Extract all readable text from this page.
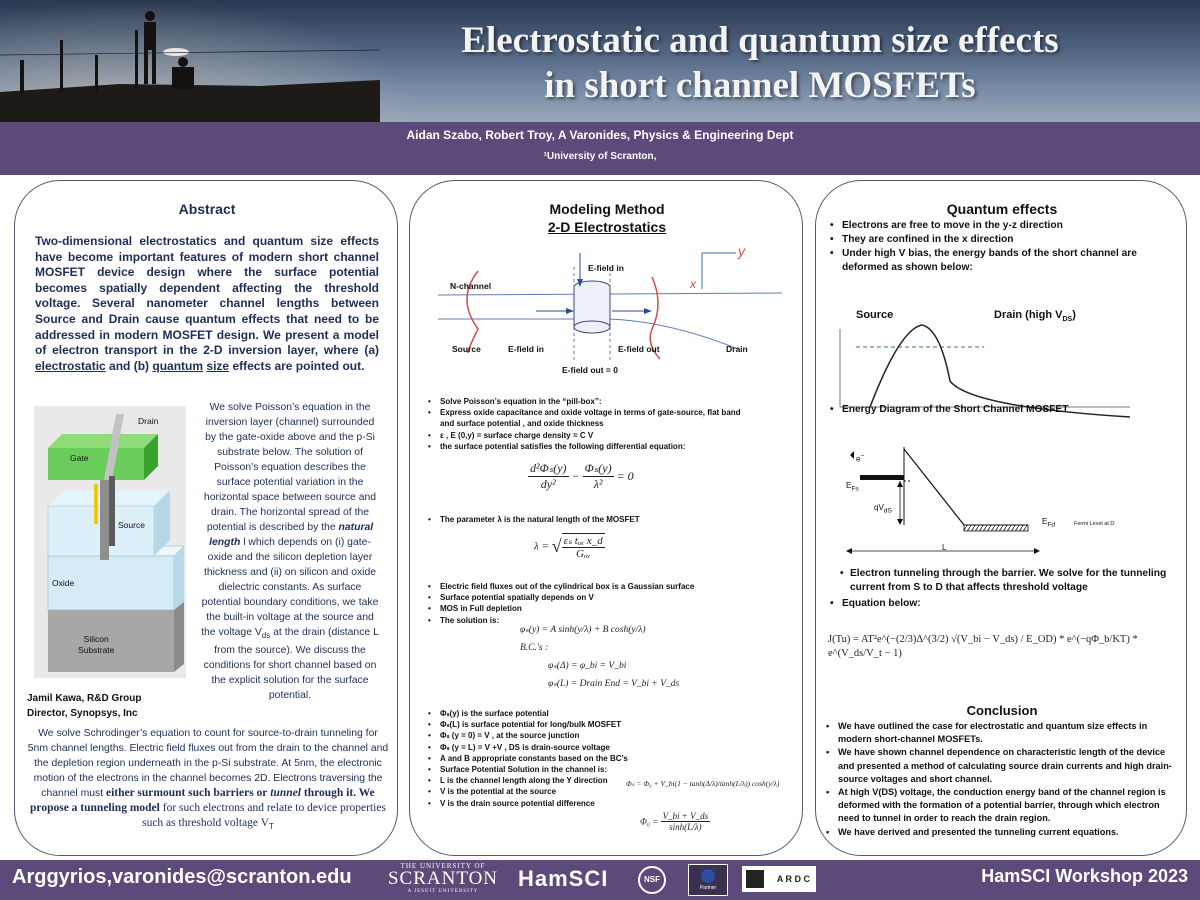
Electrostatic and quantum size effects
in short channel MOSFETs
Aidan Szabo, Robert Troy, A Varonides, Physics & Engineering Dept
¹University of Scranton,
Abstract
Two-dimensional electrostatics and quantum size effects have become important features of modern short channel MOSFET device design where the surface potential becomes spatially dependent affecting the threshold voltage. Several nanometer channel lengths between Source and Drain cause quantum effects that need to be addressed in modern MOSFET design. We present a model of electron transport in the 2-D inversion layer, where (a) electrostatic and (b) quantum size effects are pointed out.
Drain
Gate
Source
Oxide
Silicon
Substrate
We solve Poisson’s equation in the inversion layer (channel) surrounded by the gate-oxide above and the p-Si substrate below. The solution of Poisson’s equation describes the surface potential variation in the horizontal space between source and drain. The horizontal spread of the potential is described by the natural length l which depends on (i) gate-oxide and the silicon depletion layer thickness and (ii) on silicon and oxide dielectric constants. As surface potential boundary conditions, we take the built-in voltage at the source and the voltage $V_{ds}$ at the drain (distance L from the source). We discuss the conditions for short channel based on the explicit solution for the surface potential.
Jamil Kawa, R&D Group
Director, Synopsys, Inc
We solve Schrodinger’s equation to count for source-to-drain tunneling for 5nm channel lengths. Electric field fluxes out from the drain to the channel and the depletion region underneath in the p-Si substrate. At 5nm, the electronic motion of the electrons in the channel becomes 2D. Electrons traversing the channel must either surmount such barriers or tunnel through it. We propose a tunneling model for such electrons and relate to device properties such as threshold voltage $V_T$
Modeling Method
2-D Electrostatics
E-field in
N-channel
Source	E-field in	E-field out	Drain
E-field out = 0
y
x
• Solve Poisson’s equation in the “pill-box”:
• Express oxide capacitance and oxide voltage in terms of gate-source, flat band and surface potential , and oxide thickness
• ε , E (0,y) = surface charge density = C V
• the surface potential satisfies the following differential equation:
$\frac{\text{d²Φₛ(y)}}{\text{dy²}} - \frac{\text{Φₛ(y)}}{\text{λ²}} = 0$
• The parameter λ is the natural length of the MOSFET
λ = √ $\frac{\text{εₛ tₒₓ x\_d}}{\text{Gₒₓ}}$
• Electric field fluxes out of the cylindrical box is a Gaussian surface
• Surface potential spatially depends on V
• MOS in Full depletion
• The solution is:
φₛ(y) = A sinh(y/λ) + B cosh(y/λ)
B.C.'s :
φₛ(Δ) = φ_bi = V_bi
φₛ(L) = Drain End = V_bi + V_ds
• Φₛ(y) is the surface potential
• Φₛ(L) is surface potential for long/bulk MOSFET
• Φₛ (y = 0) = V , at the source junction
• Φₛ (y = L) = V +V , DS is drain-source voltage
• A and B appropriate constants based on the BC’s
• Surface Potential Solution in the channel is:
• L is the channel length along the Y direction
• V is the potential at the source
• V is the drain source potential difference
Φₛ = Φ₀ + V_bi(1 − tanh(Δ/λ)/tanh(L/λ)) cosh(y/λ)
$\Phi_0 = \frac{V\_bi + V\_ds}{\sinh(L/\lambda)}$
Quantum effects
• Electrons are free to move in the y-z direction
• They are confined in the x direction
• Under high V bias, the energy bands of the short channel are deformed as shown below:
Source	Drain (high $V_{DS}$)
• Energy Diagram of the Short Channel MOSFET
e−
$E_{Fs}$
$qV_{dS}$
$E_{Fd}$	Fermi Level at D
L
• Electron tunneling through the barrier. We solve for the tunneling current from S to D that affects threshold voltage
• Equation below:
J(Tu) = AT²e^(−(2/3)Δ^(3/2) √(V_bi − V_ds) / E_OD) * e^(−qΦ_b/KT) * e^(V_ds/V_t − 1)
Conclusion
• We have outlined the case for electrostatic and quantum size effects in modern short-channel MOSFETs.
• We have shown channel dependence on characteristic length of the device and presented a method of calculating source drain currents and high drain-source voltages and short channel.
• At high V(DS) voltage, the conduction energy band of the channel region is deformed with the formation of a potential barrier, through which electron need to tunnel in order to reach the drain region.
• We have derived and presented the tunneling current equations.
Arggyrios,varonides@scranton.edu	THE UNIVERSITY OF
SCRANTON
A JESUIT UNIVERSITY
HamSCI	NSF
Partner
A R D C	HamSCI Workshop 2023
